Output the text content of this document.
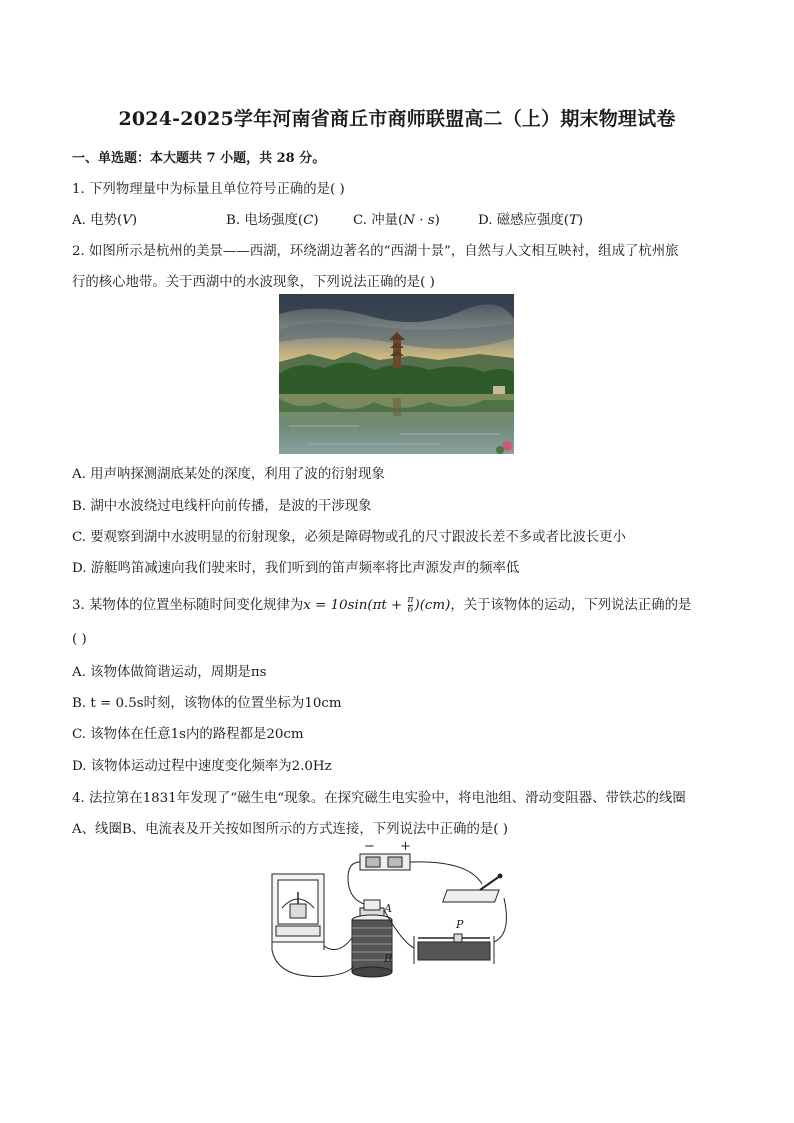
2024-2025学年河南省商丘市商师联盟高二（上）期末物理试卷
一、单选题：本大题共 7 小题，共 28 分。
1. 下列物理量中为标量且单位符号正确的是( )
A. 电势(𝑉)	B. 电场强度(𝐶)	C. 冲量(𝑁 · 𝑠)	D. 磁感应强度(𝑇)
2. 如图所示是杭州的美景——西湖，环绕湖边著名的“西湖十景”，自然与人文相互映衬，组成了杭州旅
行的核心地带。关于西湖中的水波现象，下列说法正确的是( )
A. 用声呐探测湖底某处的深度，利用了波的衍射现象
B. 湖中水波绕过电线杆向前传播，是波的干涉现象
C. 要观察到湖中水波明显的衍射现象，必须是障碍物或孔的尺寸跟波长差不多或者比波长更小
D. 游艇鸣笛减速向我们驶来时，我们听到的笛声频率将比声源发声的频率低
3. 某物体的位置坐标随时间变化规律为$x = 10\sin(\pi t + \frac{\pi}{6} )(cm)$，关于该物体的运动，下列说法正确的是
( )
A. 该物体做简谐运动，周期是πs
B. t = 0.5s时刻，该物体的位置坐标为10cm
C. 该物体在任意1s内的路程都是20cm
D. 该物体运动过程中速度变化频率为2.0Hz
4. 法拉第在1831年发现了“磁生电“现象。在探究磁生电实验中，将电池组、滑动变阻器、带铁芯的线圈
A、线圈B、电流表及开关按如图所示的方式连接，下列说法中正确的是( )
− +
A
B
P
